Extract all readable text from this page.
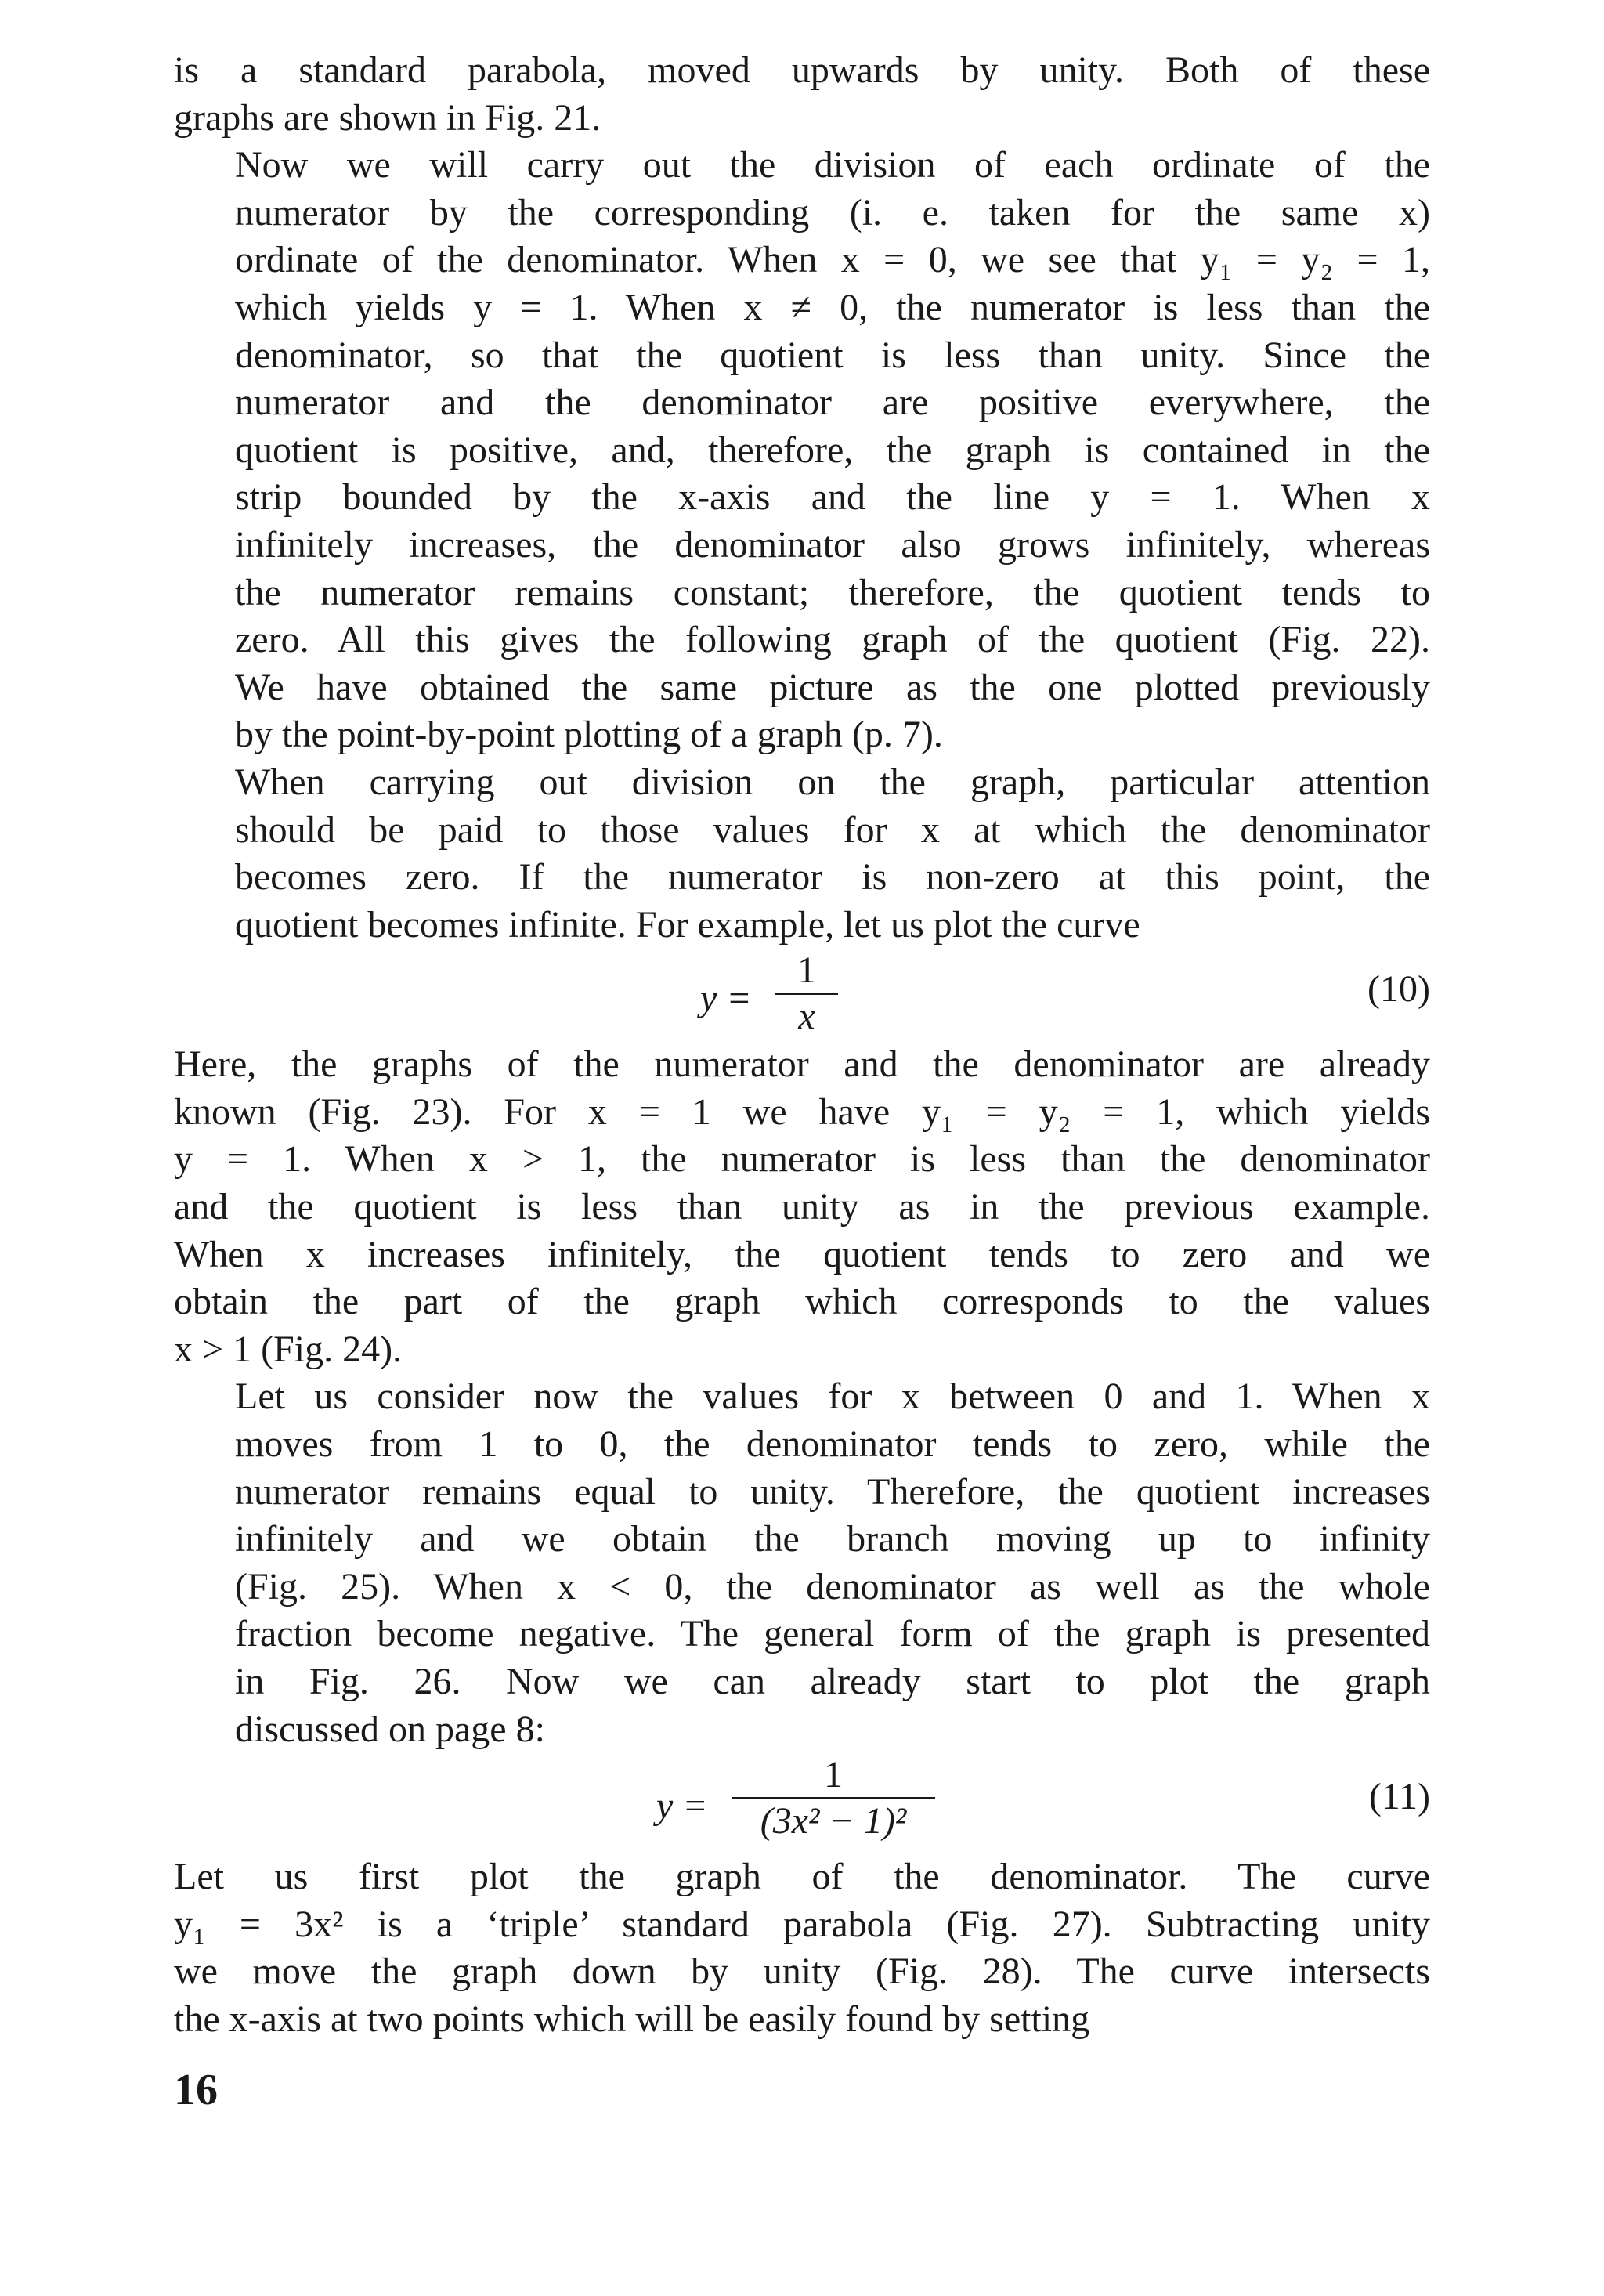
is a standard parabola, moved upwards by unity. Both of these
graphs are shown in Fig. 21.
Now we will carry out the division of each ordinate of the
numerator by the corresponding (i. e. taken for the same x)
ordinate of the denominator. When x = 0, we see that y₁ = y₂ = 1,
which yields y = 1. When x ≠ 0, the numerator is less than the
denominator, so that the quotient is less than unity. Since the
numerator and the denominator are positive everywhere, the
quotient is positive, and, therefore, the graph is contained in the
strip bounded by the x-axis and the line y = 1. When x
infinitely increases, the denominator also grows infinitely, whereas
the numerator remains constant; therefore, the quotient tends to
zero. All this gives the following graph of the quotient (Fig. 22).
We have obtained the same picture as the one plotted previously
by the point-by-point plotting of a graph (p. 7).
When carrying out division on the graph, particular attention
should be paid to those values for x at which the denominator
becomes zero. If the numerator is non-zero at this point, the
quotient becomes infinite. For example, let us plot the curve
y =
1
x
(10)
Here, the graphs of the numerator and the denominator are already
known (Fig. 23). For x = 1 we have y₁ = y₂ = 1, which yields
y = 1. When x > 1, the numerator is less than the denominator
and the quotient is less than unity as in the previous example.
When x increases infinitely, the quotient tends to zero and we
obtain the part of the graph which corresponds to the values
x > 1 (Fig. 24).
Let us consider now the values for x between 0 and 1. When x
moves from 1 to 0, the denominator tends to zero, while the
numerator remains equal to unity. Therefore, the quotient increases
infinitely and we obtain the branch moving up to infinity
(Fig. 25). When x < 0, the denominator as well as the whole
fraction become negative. The general form of the graph is presented
in Fig. 26. Now we can already start to plot the graph
discussed on page 8:
y =
1
(3x² − 1)²
(11)
Let us first plot the graph of the denominator. The curve
y₁ = 3x² is a ‘triple’ standard parabola (Fig. 27). Subtracting unity
we move the graph down by unity (Fig. 28). The curve intersects
the x-axis at two points which will be easily found by setting
16
